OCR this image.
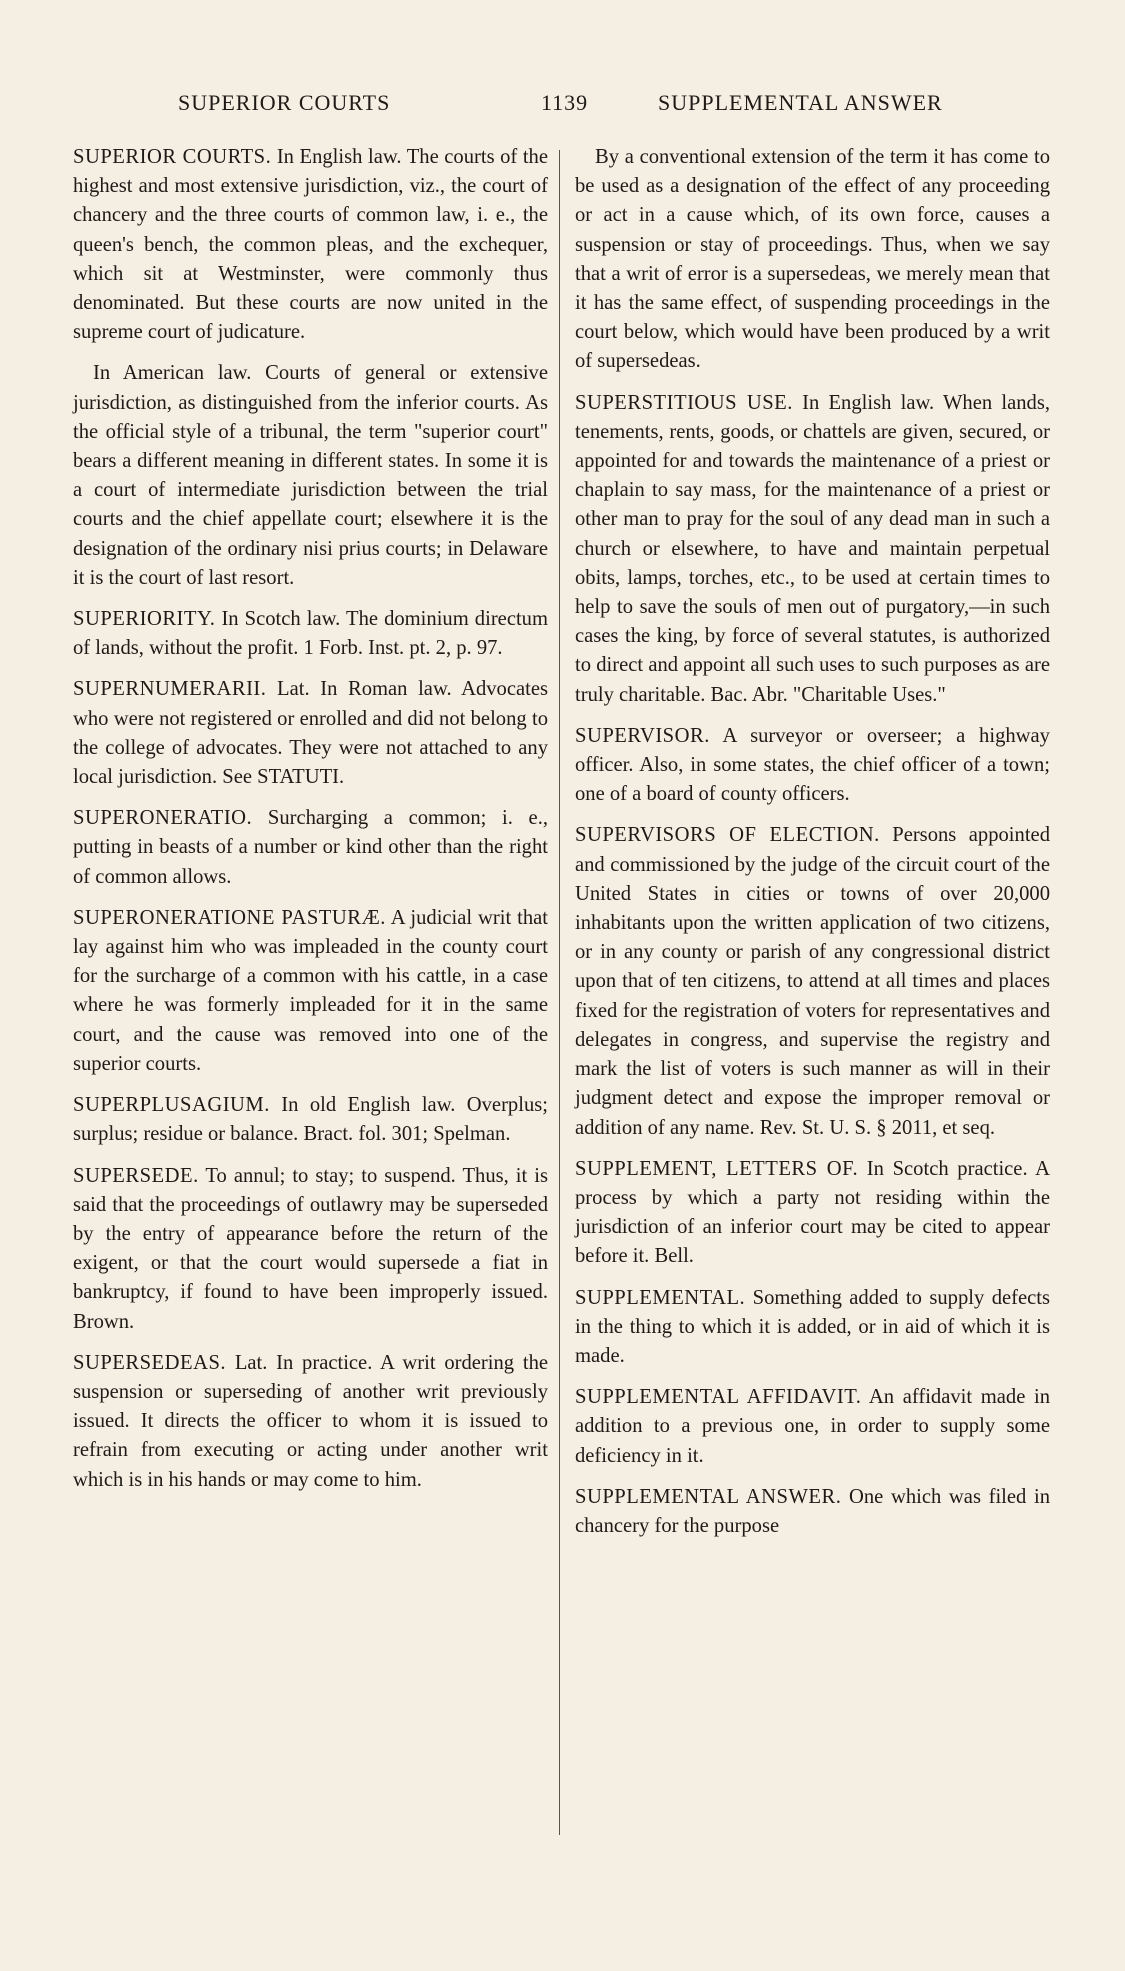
SUPERIOR COURTS	1139	SUPPLEMENTAL ANSWER

SUPERIOR COURTS. In English law. The courts of the highest and most extensive jurisdiction, viz., the court of chancery and the three courts of common law, i. e., the queen's bench, the common pleas, and the exchequer, which sit at Westminster, were commonly thus denominated. But these courts are now united in the supreme court of judicature.

In American law. Courts of general or extensive jurisdiction, as distinguished from the inferior courts. As the official style of a tribunal, the term "superior court" bears a different meaning in different states. In some it is a court of intermediate jurisdiction between the trial courts and the chief appellate court; elsewhere it is the designation of the ordinary nisi prius courts; in Delaware it is the court of last resort.

SUPERIORITY. In Scotch law. The dominium directum of lands, without the profit. 1 Forb. Inst. pt. 2, p. 97.

SUPERNUMERARII. Lat. In Roman law. Advocates who were not registered or enrolled and did not belong to the college of advocates. They were not attached to any local jurisdiction. See STATUTI.

SUPERONERATIO. Surcharging a common; i. e., putting in beasts of a number or kind other than the right of common allows.

SUPERONERATIONE PASTURÆ. A judicial writ that lay against him who was impleaded in the county court for the surcharge of a common with his cattle, in a case where he was formerly impleaded for it in the same court, and the cause was removed into one of the superior courts.

SUPERPLUSAGIUM. In old English law. Overplus; surplus; residue or balance. Bract. fol. 301; Spelman.

SUPERSEDE. To annul; to stay; to suspend. Thus, it is said that the proceedings of outlawry may be superseded by the entry of appearance before the return of the exigent, or that the court would supersede a fiat in bankruptcy, if found to have been improperly issued. Brown.

SUPERSEDEAS. Lat. In practice. A writ ordering the suspension or superseding of another writ previously issued. It directs the officer to whom it is issued to refrain from executing or acting under another writ which is in his hands or may come to him.

By a conventional extension of the term it has come to be used as a designation of the effect of any proceeding or act in a cause which, of its own force, causes a suspension or stay of proceedings. Thus, when we say that a writ of error is a supersedeas, we merely mean that it has the same effect, of suspending proceedings in the court below, which would have been produced by a writ of supersedeas.

SUPERSTITIOUS USE. In English law. When lands, tenements, rents, goods, or chattels are given, secured, or appointed for and towards the maintenance of a priest or chaplain to say mass, for the maintenance of a priest or other man to pray for the soul of any dead man in such a church or elsewhere, to have and maintain perpetual obits, lamps, torches, etc., to be used at certain times to help to save the souls of men out of purgatory,—in such cases the king, by force of several statutes, is authorized to direct and appoint all such uses to such purposes as are truly charitable. Bac. Abr. "Charitable Uses."

SUPERVISOR. A surveyor or overseer; a highway officer. Also, in some states, the chief officer of a town; one of a board of county officers.

SUPERVISORS OF ELECTION. Persons appointed and commissioned by the judge of the circuit court of the United States in cities or towns of over 20,000 inhabitants upon the written application of two citizens, or in any county or parish of any congressional district upon that of ten citizens, to attend at all times and places fixed for the registration of voters for representatives and delegates in congress, and supervise the registry and mark the list of voters is such manner as will in their judgment detect and expose the improper removal or addition of any name. Rev. St. U. S. § 2011, et seq.

SUPPLEMENT, LETTERS OF. In Scotch practice. A process by which a party not residing within the jurisdiction of an inferior court may be cited to appear before it. Bell.

SUPPLEMENTAL. Something added to supply defects in the thing to which it is added, or in aid of which it is made.

SUPPLEMENTAL AFFIDAVIT. An affidavit made in addition to a previous one, in order to supply some deficiency in it.

SUPPLEMENTAL ANSWER. One which was filed in chancery for the purpose
